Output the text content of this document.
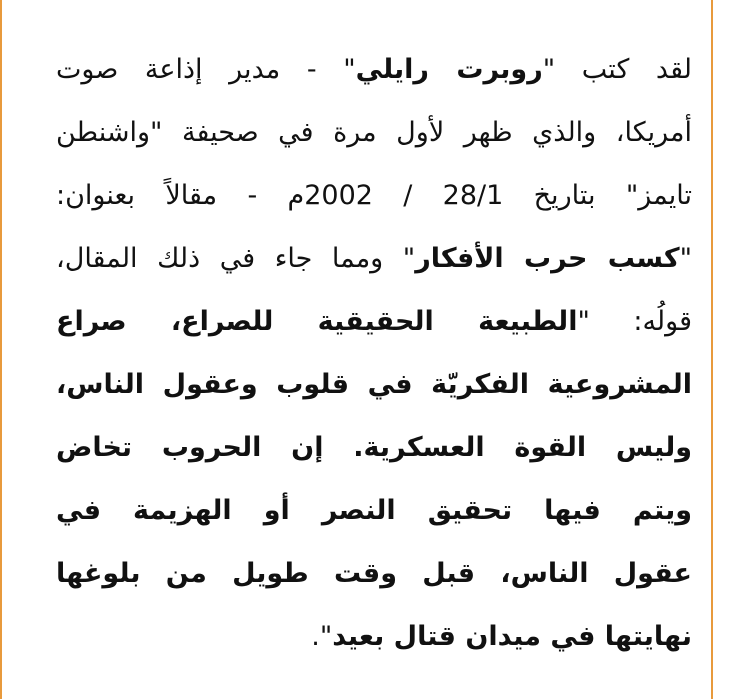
لقد كتب "روبرت رايلي" - مدير إذاعة صوت
أمريكا، والذي ظهر لأول مرة في صحيفة "واشنطن
تايمز" بتاريخ 28/1 / 2002م - مقالاً بعنوان:
"كسب حرب الأفكار" ومما جاء في ذلك المقال،
قولُه: "الطبيعة الحقيقية للصراع، صراع
المشروعية الفكريّة في قلوب وعقول الناس،
وليس القوة العسكرية. إن الحروب تخاض
ويتم فيها تحقيق النصر أو الهزيمة في
عقول الناس، قبل وقت طويل من بلوغها
نهايتها في ميدان قتال بعيد".
